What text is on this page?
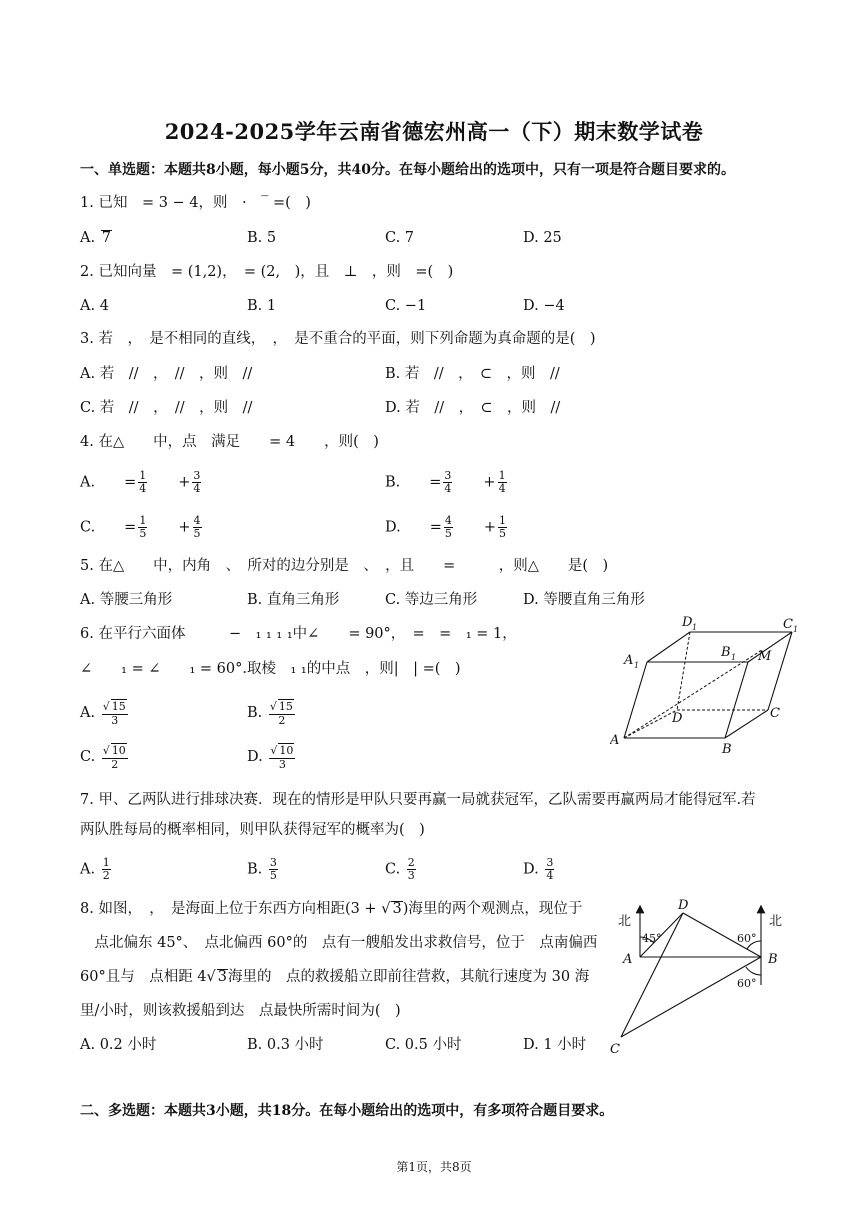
2024-2025学年云南省德宏州高一（下）期末数学试卷
一、单选题：本题共8小题，每小题5分，共40分。在每小题给出的选项中，只有一项是符合题目要求的。
1. 已知　= 3 − 4，则　·　‾ =(　)
A. 7	B. 5	C. 7	D. 25
2. 已知向量　= (1,2)，　= (2,　)，且　⊥　，则　=(　)
A. 4	B. 1	C. −1	D. −4
3. 若　，　是不相同的直线，　，　是不重合的平面，则下列命题为真命题的是(　)
A. 若　//　，　//　，则　//	B. 若　//　，　⊂　，则　//
C. 若　//　，　//　，则　//	D. 若　//　，　⊂　，则　//
4. 在△　　中，点　满足　　= 4　　，则(　)
A.　　= $\frac{1}{4}$ 　　+ $\frac{3}{4}$	B.　　= $\frac{3}{4}$ 　　+ $\frac{1}{4}$
C.　　= $\frac{1}{5}$ 　　+ $\frac{4}{5}$	D.　　= $\frac{4}{5}$ 　　+ $\frac{1}{5}$
5. 在△　　中，内角　、　所对的边分别是　、　，且　　=　　　，则△　　是(　)
A. 等腰三角形	B. 直角三角形	C. 等边三角形	D. 等腰直角三角形
6. 在平行六面体　　　−　₁ ₁ ₁ ₁中∠　　= 90°，　=　=　₁ = 1，
∠　　₁ = ∠　　₁ = 60°.取棱　₁ ₁的中点　，则|　| =(　)
A. $\frac{√ 15}{3}$	B. $\frac{√ 15}{2}$
C. $\frac{√ 10}{2}$	D. $\frac{√ 10}{3}$
A
B
C
D
A 1
B 1
C 1
D 1
M
7. 甲、乙两队进行排球决赛．现在的情形是甲队只要再赢一局就获冠军，乙队需要再赢两局才能得冠军.若
两队胜每局的概率相同，则甲队获得冠军的概率为(　)
A. $\frac{1}{2}$	B. $\frac{3}{5}$	C. $\frac{2}{3}$	D. $\frac{3}{4}$
8. 如图，　，　是海面上位于东西方向相距(3 + √ 3)海里的两个观测点，现位于
　点北偏东 45°、　点北偏西 60°的　点有一艘船发出求救信号，位于　点南偏西
60°且与　点相距 4√ 3海里的　点的救援船立即前往营救，其航行速度为 30 海
里/小时，则该救援船到达　点最快所需时间为(　)
A. 0.2 小时	B. 0.3 小时	C. 0.5 小时	D. 1 小时
北	北
A	B
C
D
45°	60°
60°
二、多选题：本题共3小题，共18分。在每小题给出的选项中，有多项符合题目要求。
第1页，共8页
